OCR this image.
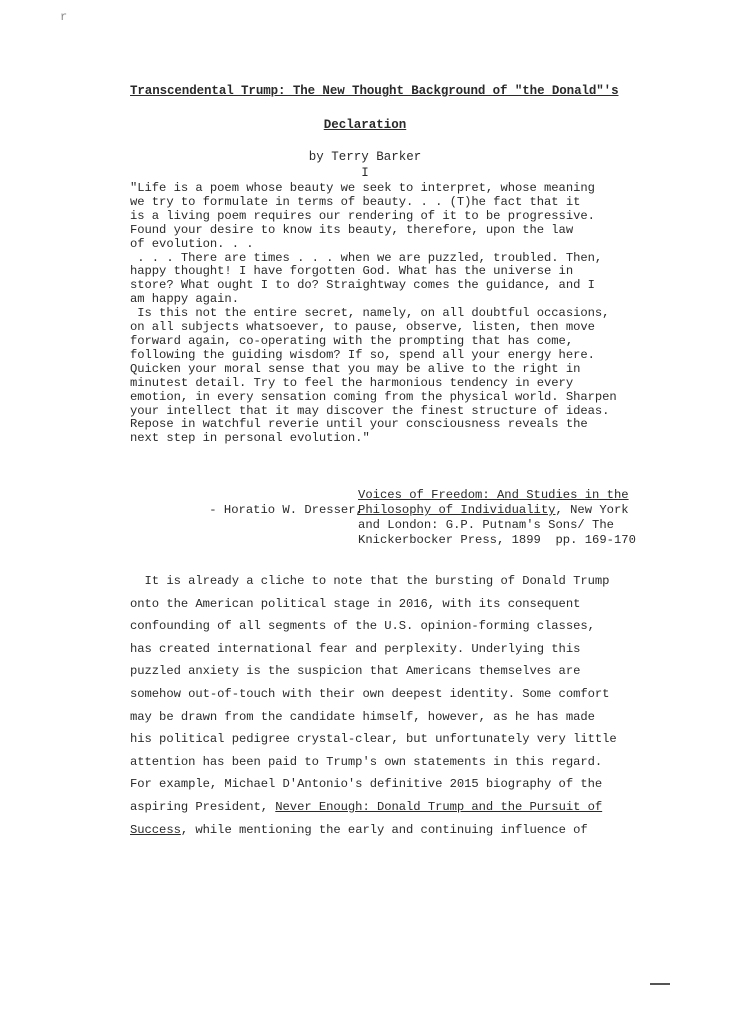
r
Transcendental Trump: The New Thought Background of "the Donald"'s
Declaration
by Terry Barker
I
"Life is a poem whose beauty we seek to interpret, whose meaning
we try to formulate in terms of beauty. . . (T)he fact that it
is a living poem requires our rendering of it to be progressive.
Found your desire to know its beauty, therefore, upon the law
of evolution. . .
. . . There are times . . . when we are puzzled, troubled. Then,
happy thought! I have forgotten God. What has the universe in
store? What ought I to do? Straightway comes the guidance, and I
am happy again.
Is this not the entire secret, namely, on all doubtful occasions,
on all subjects whatsoever, to pause, observe, listen, then move
forward again, co-operating with the prompting that has come,
following the guiding wisdom? If so, spend all your energy here.
Quicken your moral sense that you may be alive to the right in
minutest detail. Try to feel the harmonious tendency in every
emotion, in every sensation coming from the physical world. Sharpen
your intellect that it may discover the finest structure of ideas.
Repose in watchful reverie until your consciousness reveals the
next step in personal evolution."

- Horatio W. Dresser,

Voices of Freedom: And Studies in the
Philosophy of Individuality, New York
and London: G.P. Putnam's Sons/ The
Knickerbocker Press, 1899  pp. 169-170

It is already a cliche to note that the bursting of Donald Trump
onto the American political stage in 2016, with its consequent
confounding of all segments of the U.S. opinion-forming classes,
has created international fear and perplexity. Underlying this
puzzled anxiety is the suspicion that Americans themselves are
somehow out-of-touch with their own deepest identity. Some comfort
may be drawn from the candidate himself, however, as he has made
his political pedigree crystal-clear, but unfortunately very little
attention has been paid to Trump's own statements in this regard.
For example, Michael D'Antonio's definitive 2015 biography of the
aspiring President, Never Enough: Donald Trump and the Pursuit of
Success, while mentioning the early and continuing influence of
